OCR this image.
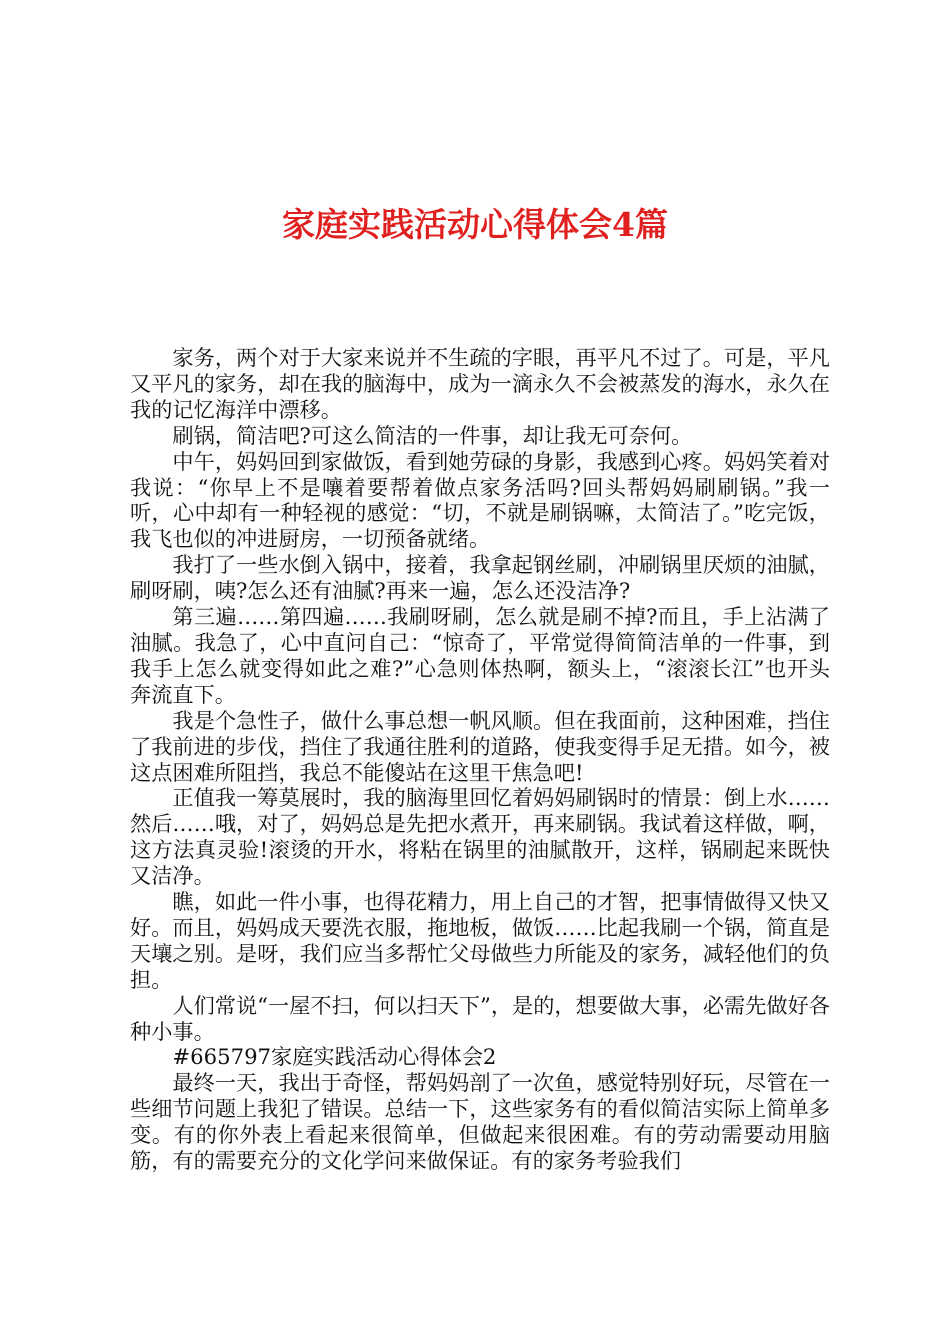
家庭实践活动心得体会4篇

家务，两个对于大家来说并不生疏的字眼，再平凡不过了。可是，平凡又平凡的家务，却在我的脑海中，成为一滴永久不会被蒸发的海水，永久在我的记忆海洋中漂移。

刷锅，简洁吧?可这么简洁的一件事，却让我无可奈何。

中午，妈妈回到家做饭，看到她劳碌的身影，我感到心疼。妈妈笑着对我说：“你早上不是嚷着要帮着做点家务活吗?回头帮妈妈刷刷锅。”我一听，心中却有一种轻视的感觉：“切，不就是刷锅嘛，太简洁了。”吃完饭，我飞也似的冲进厨房，一切预备就绪。

我打了一些水倒入锅中，接着，我拿起钢丝刷，冲刷锅里厌烦的油腻，刷呀刷，咦?怎么还有油腻?再来一遍，怎么还没洁净?

第三遍……第四遍……我刷呀刷，怎么就是刷不掉?而且，手上沾满了油腻。我急了，心中直问自己：“惊奇了，平常觉得简简洁单的一件事，到我手上怎么就变得如此之难?”心急则体热啊，额头上，“滚滚长江”也开头奔流直下。

我是个急性子，做什么事总想一帆风顺。但在我面前，这种困难，挡住了我前进的步伐，挡住了我通往胜利的道路，使我变得手足无措。如今，被这点困难所阻挡，我总不能傻站在这里干焦急吧!

正值我一筹莫展时，我的脑海里回忆着妈妈刷锅时的情景：倒上水……然后……哦，对了，妈妈总是先把水煮开，再来刷锅。我试着这样做，啊，这方法真灵验!滚烫的开水，将粘在锅里的油腻散开，这样，锅刷起来既快又洁净。

瞧，如此一件小事，也得花精力，用上自己的才智，把事情做得又快又好。而且，妈妈成天要洗衣服，拖地板，做饭……比起我刷一个锅，简直是天壤之别。是呀，我们应当多帮忙父母做些力所能及的家务，减轻他们的负担。

人们常说“一屋不扫，何以扫天下”，是的，想要做大事，必需先做好各种小事。

#665797家庭实践活动心得体会2

最终一天，我出于奇怪，帮妈妈剖了一次鱼，感觉特别好玩，尽管在一些细节问题上我犯了错误。总结一下，这些家务有的看似简洁实际上简单多变。有的你外表上看起来很简单，但做起来很困难。有的劳动需要动用脑筋，有的需要充分的文化学问来做保证。有的家务考验我们
